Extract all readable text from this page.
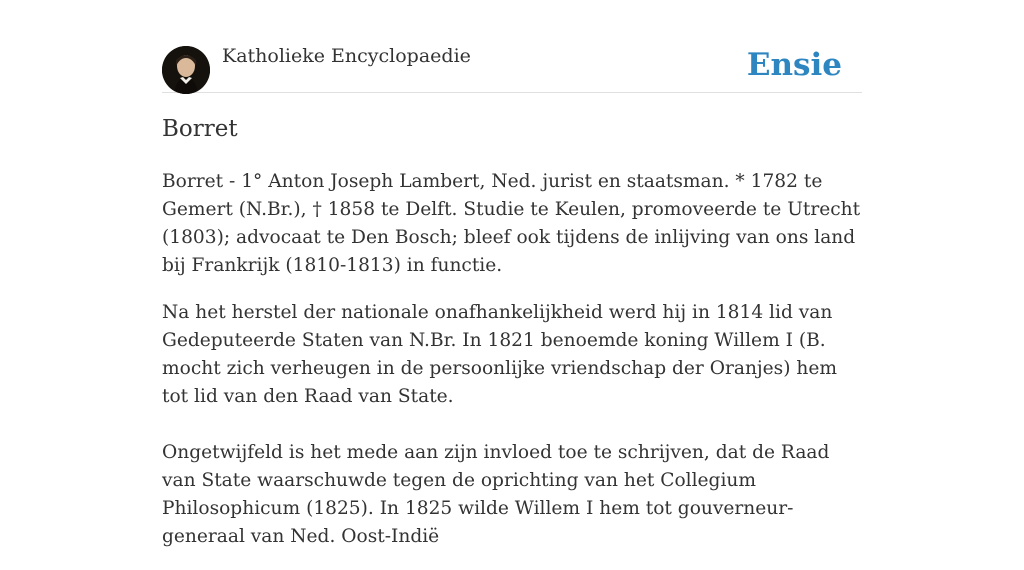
Katholieke Encyclopaedie	Ensie
Borret

Borret - 1° Anton Joseph Lambert, Ned. jurist en staatsman. * 1782 te Gemert (N.Br.), † 1858 te Delft. Studie te Keulen, promoveerde te Utrecht (1803); advocaat te Den Bosch; bleef ook tijdens de inlijving van ons land bij Frankrijk (1810-1813) in functie.

Na het herstel der nationale onafhankelijkheid werd hij in 1814 lid van Gedeputeerde Staten van N.Br. In 1821 benoemde koning Willem I (B. mocht zich verheugen in de persoonlijke vriendschap der Oranjes) hem tot lid van den Raad van State.

Ongetwijfeld is het mede aan zijn invloed toe te schrijven, dat de Raad van State waarschuwde tegen de oprichting van het Collegium Philosophicum (1825). In 1825 wilde Willem I hem tot gouverneur-generaal van Ned. Oost-Indië
